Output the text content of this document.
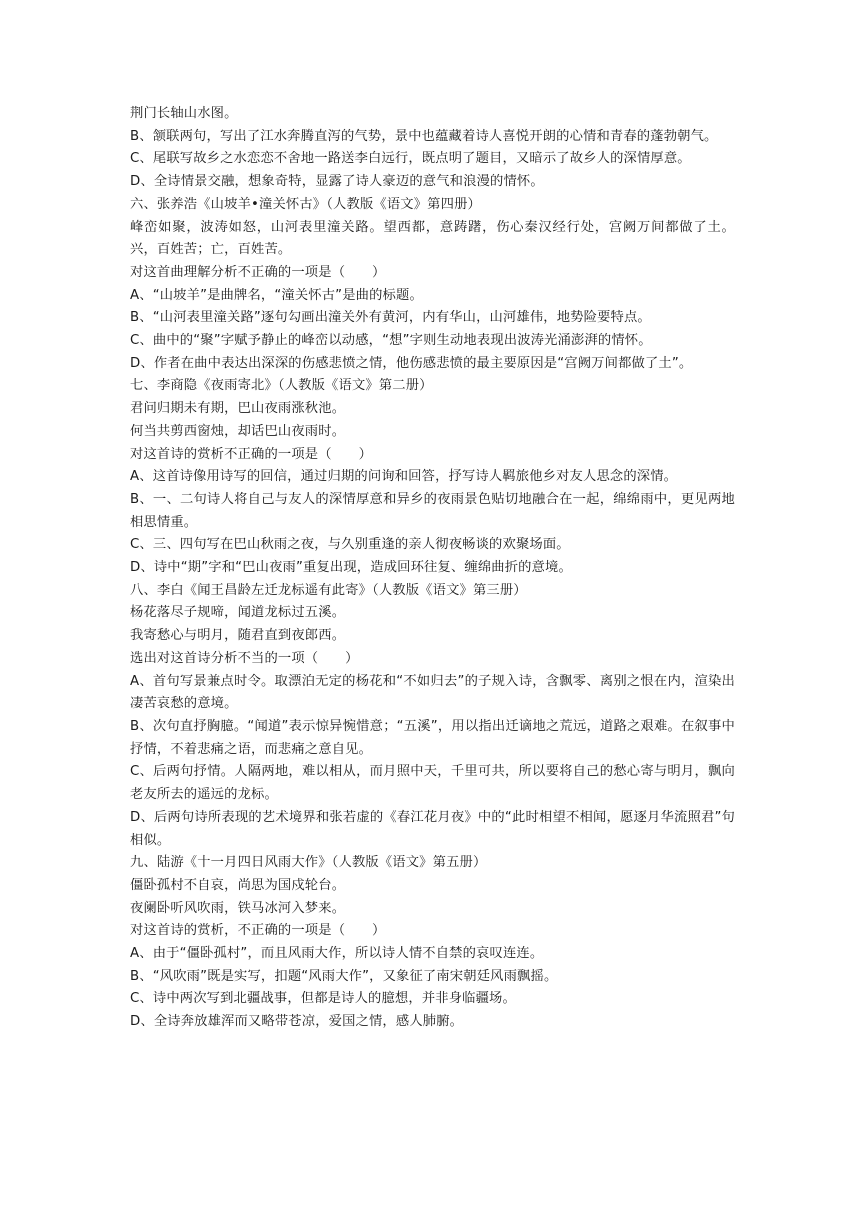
荆门长轴山水图。

B、颔联两句，写出了江水奔腾直泻的气势，景中也蕴藏着诗人喜悦开朗的心情和青春的蓬勃朝气。

C、尾联写故乡之水恋恋不舍地一路送李白远行，既点明了题目，又暗示了故乡人的深情厚意。

D、全诗情景交融，想象奇特，显露了诗人豪迈的意气和浪漫的情怀。

六、张养浩《山坡羊•潼关怀古》（人教版《语文》第四册）

峰峦如聚，波涛如怒，山河表里潼关路。望西都，意踌躇，伤心秦汉经行处，宫阙万间都做了土。兴，百姓苦；亡，百姓苦。

对这首曲理解分析不正确的一项是（　　）

A、“山坡羊”是曲牌名，“潼关怀古”是曲的标题。

B、“山河表里潼关路”逐句勾画出潼关外有黄河，内有华山，山河雄伟，地势险要特点。

C、曲中的“聚”字赋予静止的峰峦以动感，“想”字则生动地表现出波涛光涌澎湃的情怀。

D、作者在曲中表达出深深的伤感悲愤之情，他伤感悲愤的最主要原因是“宫阙万间都做了土”。

七、李商隐《夜雨寄北》（人教版《语文》第二册）

君问归期未有期，巴山夜雨涨秋池。

何当共剪西窗烛，却话巴山夜雨时。

对这首诗的赏析不正确的一项是（　　）

A、这首诗像用诗写的回信，通过归期的问询和回答，抒写诗人羁旅他乡对友人思念的深情。

B、一、二句诗人将自己与友人的深情厚意和异乡的夜雨景色贴切地融合在一起，绵绵雨中，更见两地相思情重。

C、三、四句写在巴山秋雨之夜，与久别重逢的亲人彻夜畅谈的欢聚场面。

D、诗中“期”字和“巴山夜雨”重复出现，造成回环往复、缠绵曲折的意境。

八、李白《闻王昌龄左迁龙标遥有此寄》（人教版《语文》第三册）

杨花落尽子规啼，闻道龙标过五溪。

我寄愁心与明月，随君直到夜郎西。

选出对这首诗分析不当的一项（　　）

A、首句写景兼点时令。取漂泊无定的杨花和“不如归去”的子规入诗，含飘零、离别之恨在内，渲染出凄苦哀愁的意境。

B、次句直抒胸臆。“闻道”表示惊异惋惜意；“五溪”，用以指出迁谪地之荒远，道路之艰难。在叙事中抒情，不着悲痛之语，而悲痛之意自见。

C、后两句抒情。人隔两地，难以相从，而月照中天，千里可共，所以要将自己的愁心寄与明月，飘向老友所去的遥远的龙标。

D、后两句诗所表现的艺术境界和张若虚的《春江花月夜》中的“此时相望不相闻，愿逐月华流照君”句相似。

九、陆游《十一月四日风雨大作》（人教版《语文》第五册）

僵卧孤村不自哀，尚思为国戍轮台。

夜阑卧听风吹雨，铁马冰河入梦来。

对这首诗的赏析，不正确的一项是（　　）

A、由于“僵卧孤村”，而且风雨大作，所以诗人情不自禁的哀叹连连。

B、“风吹雨”既是实写，扣题“风雨大作”，又象征了南宋朝廷风雨飘摇。

C、诗中两次写到北疆战事，但都是诗人的臆想，并非身临疆场。

D、全诗奔放雄浑而又略带苍凉，爱国之情，感人肺腑。
